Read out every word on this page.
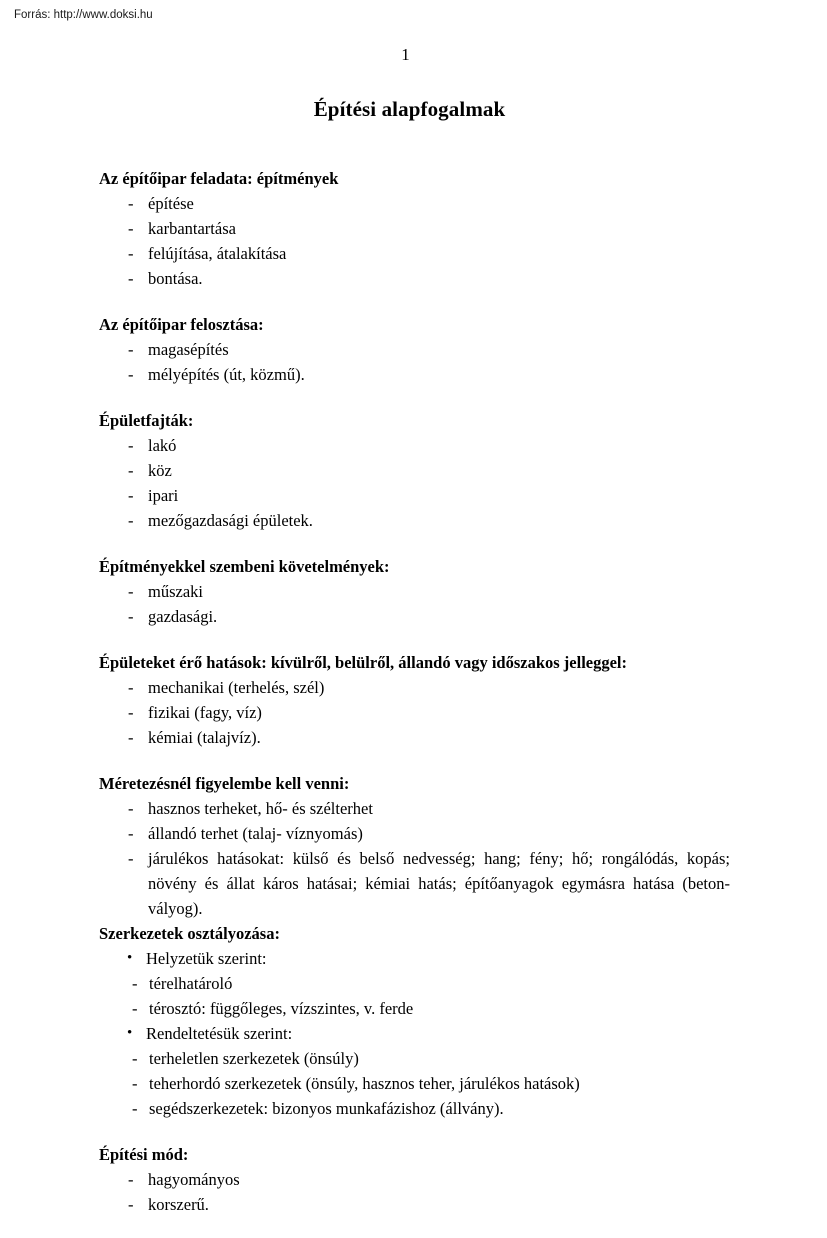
Forrás: http://www.doksi.hu
1
Építési alapfogalmak
Az építőipar feladata: építmények
- építése
- karbantartása
- felújítása, átalakítása
- bontása.
Az építőipar felosztása:
- magasépítés
- mélyépítés (út, közmű).
Épületfajták:
- lakó
- köz
- ipari
- mezőgazdasági épületek.
Építményekkel szembeni követelmények:
- műszaki
- gazdasági.
Épületeket érő hatások: kívülről, belülről, állandó vagy időszakos jelleggel:
- mechanikai (terhelés, szél)
- fizikai (fagy, víz)
- kémiai (talajvíz).
Méretezésnél figyelembe kell venni:
- hasznos terheket, hő- és szélterhet
- állandó terhet (talaj- víznyomás)
- járulékos hatásokat: külső és belső nedvesség; hang; fény; hő; rongálódás, kopás; növény és állat káros hatásai; kémiai hatás; építőanyagok egymásra hatása (beton-vályog).
Szerkezetek osztályozása:
• Helyzetük szerint:
- térelhatároló
- térosztó: függőleges, vízszintes, v. ferde
• Rendeltetésük szerint:
- terheletlen szerkezetek (önsúly)
- teherhordó szerkezetek (önsúly, hasznos teher, járulékos hatások)
- segédszerkezetek: bizonyos munkafázishoz (állvány).
Építési mód:
- hagyományos
- korszerű.
